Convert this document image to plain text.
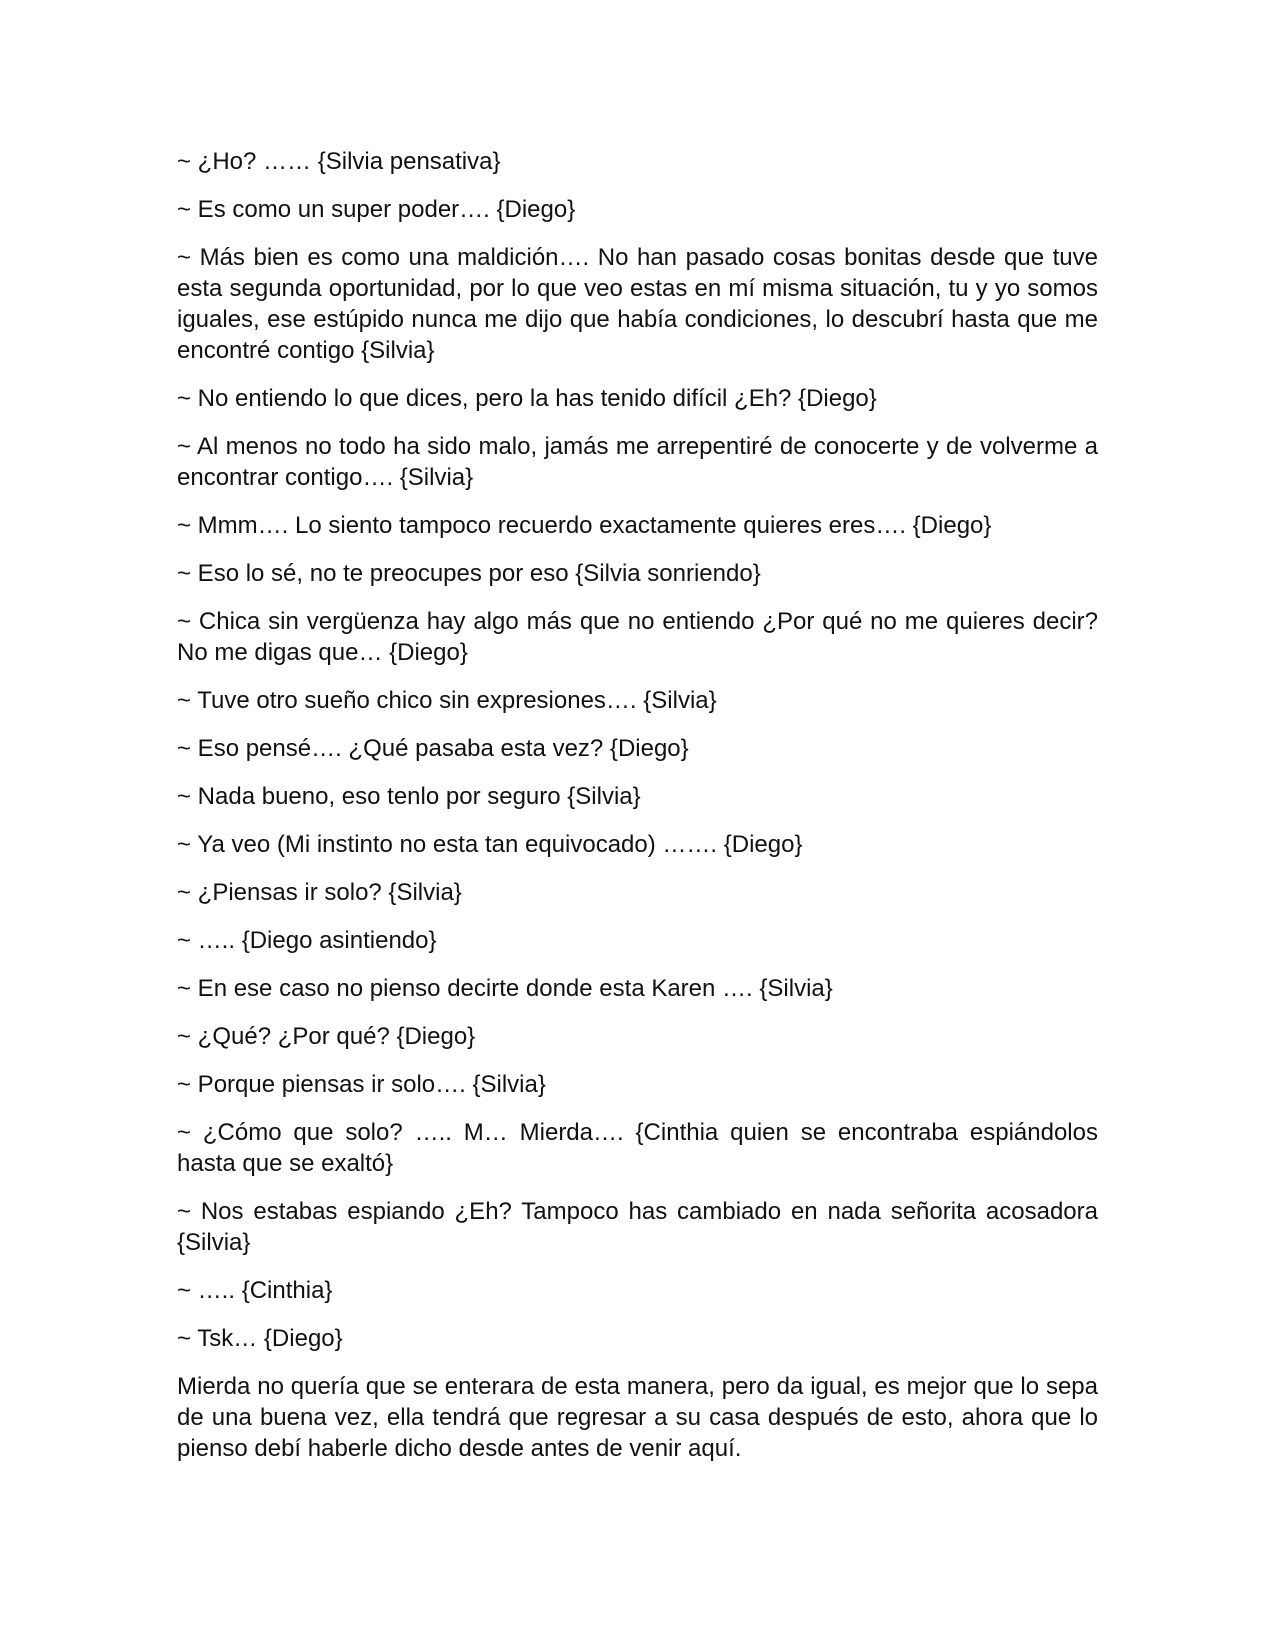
~ ¿Ho? …… {Silvia pensativa}

~ Es como un super poder…. {Diego}

~ Más bien es como una maldición…. No han pasado cosas bonitas desde que tuve esta segunda oportunidad, por lo que veo estas en mí misma situación, tu y yo somos iguales, ese estúpido nunca me dijo que había condiciones, lo descubrí hasta que me encontré contigo {Silvia}

~ No entiendo lo que dices, pero la has tenido difícil ¿Eh? {Diego}

~ Al menos no todo ha sido malo, jamás me arrepentiré de conocerte y de volverme a encontrar contigo…. {Silvia}

~ Mmm…. Lo siento tampoco recuerdo exactamente quieres eres…. {Diego}

~ Eso lo sé, no te preocupes por eso {Silvia sonriendo}

~ Chica sin vergüenza hay algo más que no entiendo ¿Por qué no me quieres decir? No me digas que… {Diego}

~ Tuve otro sueño chico sin expresiones…. {Silvia}

~ Eso pensé…. ¿Qué pasaba esta vez? {Diego}

~ Nada bueno, eso tenlo por seguro {Silvia}

~ Ya veo (Mi instinto no esta tan equivocado) ……. {Diego}

~ ¿Piensas ir solo? {Silvia}

~ ….. {Diego asintiendo}

~ En ese caso no pienso decirte donde esta Karen …. {Silvia}

~ ¿Qué? ¿Por qué? {Diego}

~ Porque piensas ir solo…. {Silvia}

~ ¿Cómo que solo? ….. M… Mierda…. {Cinthia quien se encontraba espiándolos hasta que se exaltó}

~ Nos estabas espiando ¿Eh? Tampoco has cambiado en nada señorita acosadora {Silvia}

~ ….. {Cinthia}

~ Tsk… {Diego}

Mierda no quería que se enterara de esta manera, pero da igual, es mejor que lo sepa de una buena vez, ella tendrá que regresar a su casa después de esto, ahora que lo pienso debí haberle dicho desde antes de venir aquí.
